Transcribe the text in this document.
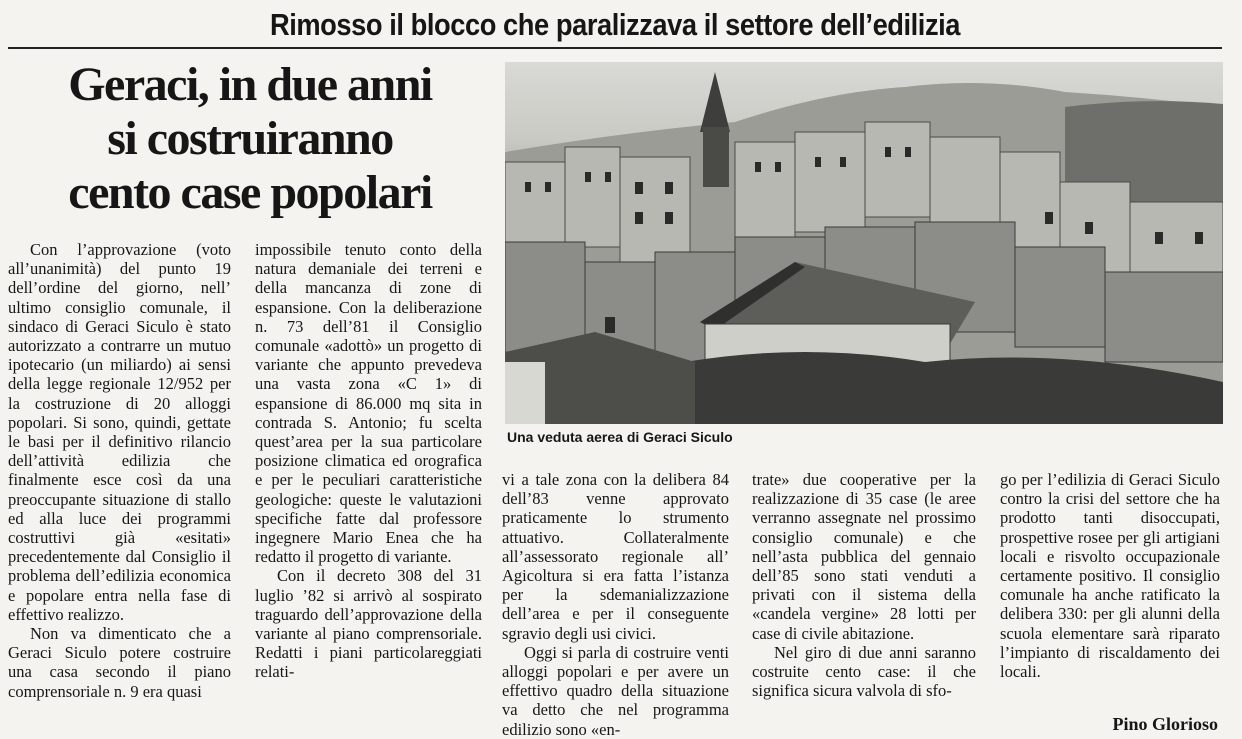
Rimosso il blocco che paralizzava il settore dell’edilizia
Geraci, in due anni
si costruiranno
cento case popolari
Una veduta aerea di Geraci Siculo

Con l’approvazione (voto all’unanimità) del punto 19 dell’ordine del giorno, nell’ ultimo consiglio comunale, il sindaco di Geraci Siculo è stato autorizzato a contrarre un mutuo ipotecario (un miliardo) ai sensi della legge regionale 12/952 per la costruzione di 20 alloggi popolari. Si sono, quindi, gettate le basi per il definitivo rilancio dell’attività edilizia che finalmente esce così da una preoccupante situazione di stallo ed alla luce dei programmi costruttivi già «esitati» precedentemente dal Consiglio il problema dell’edilizia economica e popolare entra nella fase di effettivo realizzo.

Non va dimenticato che a Geraci Siculo potere costruire una casa secondo il piano comprensoriale n. 9 era quasi

impossibile tenuto conto della natura demaniale dei terreni e della mancanza di zone di espansione. Con la deliberazione n. 73 dell’81 il Consiglio comunale «adottò» un progetto di variante che appunto prevedeva una vasta zona «C 1» di espansione di 86.000 mq sita in contrada S. Antonio; fu scelta quest’area per la sua particolare posizione climatica ed orografica e per le peculiari caratteristiche geologiche: queste le valutazioni specifiche fatte dal professore ingegnere Mario Enea che ha redatto il progetto di variante.

Con il decreto 308 del 31 luglio ’82 si arrivò al sospirato traguardo dell’approvazione della variante al piano comprensoriale. Redatti i piani particolareggiati relati-

vi a tale zona con la delibera 84 dell’83 venne approvato praticamente lo strumento attuativo. Collateralmente all’assessorato regionale all’ Agicoltura si era fatta l’istanza per la sdemanializzazione dell’area e per il conseguente sgravio degli usi civici.

Oggi si parla di costruire venti alloggi popolari e per avere un effettivo quadro della situazione va detto che nel programma edilizio sono «en-

trate» due cooperative per la realizzazione di 35 case (le aree verranno assegnate nel prossimo consiglio comunale) e che nell’asta pubblica del gennaio dell’85 sono stati venduti a privati con il sistema della «candela vergine» 28 lotti per case di civile abitazione.

Nel giro di due anni saranno costruite cento case: il che significa sicura valvola di sfo-

go per l’edilizia di Geraci Siculo contro la crisi del settore che ha prodotto tanti disoccupati, prospettive rosee per gli artigiani locali e risvolto occupazionale certamente positivo. Il consiglio comunale ha anche ratificato la delibera 330: per gli alunni della scuola elementare sarà riparato l’impianto di riscaldamento dei locali.

Pino Glorioso
